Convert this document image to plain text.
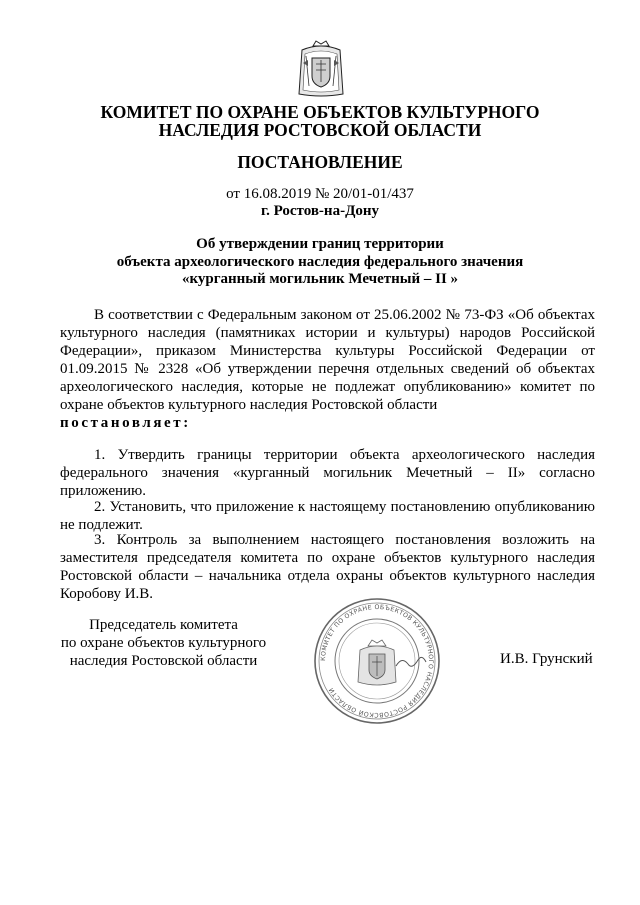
КОМИТЕТ ПО ОХРАНЕ ОБЪЕКТОВ КУЛЬТУРНОГО
НАСЛЕДИЯ РОСТОВСКОЙ ОБЛАСТИ
ПОСТАНОВЛЕНИЕ
от 16.08.2019 № 20/01-01/437
г. Ростов-на-Дону
Об утверждении границ территории
объекта археологического наследия федерального значения
«курганный могильник Мечетный – II »
В соответствии с Федеральным законом от 25.06.2002 № 73-ФЗ «Об объектах культурного наследия (памятниках истории и культуры) народов Российской Федерации», приказом Министерства культуры Российской Федерации от 01.09.2015 № 2328 «Об утверждении перечня отдельных сведений об объектах археологического наследия, которые не подлежат опубликованию» комитет по охране объектов культурного наследия Ростовской области
постановляет:

1. Утвердить границы территории объекта археологического наследия федерального значения «курганный могильник Мечетный – II» согласно приложению.

2. Установить, что приложение к настоящему постановлению опубликованию не подлежит.

3. Контроль за выполнением настоящего постановления возложить на заместителя председателя комитета по охране объектов культурного наследия Ростовской области – начальника отдела охраны объектов культурного наследия Коробову И.В.

Председатель комитета
по охране объектов культурного
наследия Ростовской области	И.В. Грунский
КОМИТЕТ ПО ОХРАНЕ ОБЪЕКТОВ КУЛЬТУРНОГО НАСЛЕДИЯ РОСТОВСКОЙ ОБЛАСТИ
